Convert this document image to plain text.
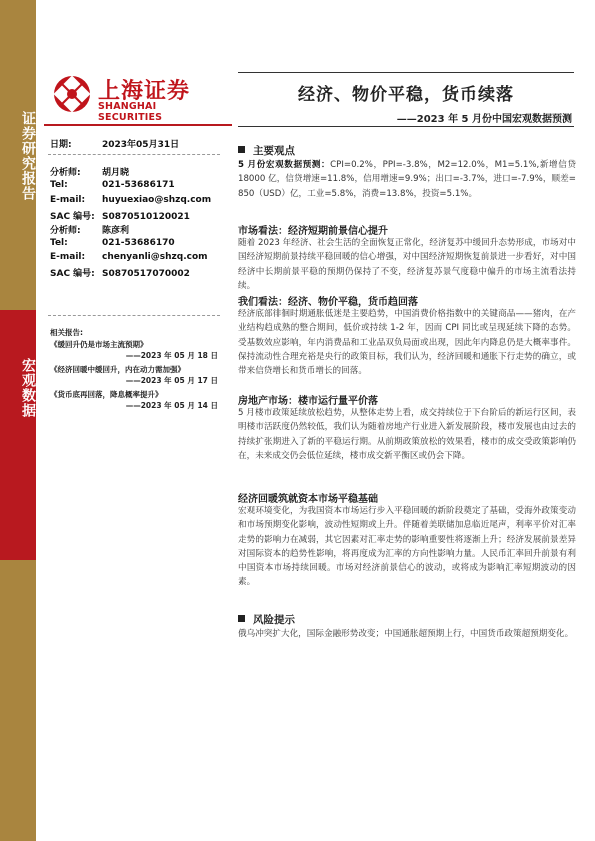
证券研究报告
宏观数据
上海证券
SHANGHAI SECURITIES
经济、物价平稳，货币续落
——2023 年 5 月份中国宏观数据预测
日期:	2023年05月31日
分析师: 胡月晓
Tel:	021-53686171
E-mail: huyuexiao@shzq.com
SAC 编号: S0870510120021
分析师: 陈彦利
Tel:	021-53686170
E-mail: chenyanli@shzq.com
SAC 编号: S0870517070002
相关报告:
《缓回升仍是市场主流预期》
——2023 年 05 月 18 日
《经济回暖中缓回升，内在动力需加强》
——2023 年 05 月 17 日
《货币底再回落，降息概率提升》
——2023 年 05 月 14 日
主要观点
5 月份宏观数据预测：CPI=0.2%，PPI=-3.8%，M2=12.0%，M1=5.1%,新增信贷 18000 亿，信贷增速=11.8%，信用增速=9.9%；出口=-3.7%，进口=-7.9%，顺差= 850（USD）亿，工业=5.8%，消费=13.8%，投资=5.1%。
市场看法：经济短期前景信心提升
随着 2023 年经济、社会生活的全面恢复正常化，经济复苏中缓回升态势形成，市场对中国经济短期前景持续平稳回暖的信心增强，对中国经济短期恢复前景进一步看好，对中国经济中长期前景平稳的预期仍保持了不变，经济复苏景气度稳中偏升的市场主流看法持续。
我们看法：经济、物价平稳，货币趋回落
经济底部徘徊时期通胀低迷是主要趋势，中国消费价格指数中的关键商品——猪肉，在产业结构趋成熟的整合期间，低价或持续 1-2 年，因而 CPI 同比或呈现延续下降的态势。受基数效应影响，年内消费品和工业品双负局面或出现，因此年内降息仍是大概率事件。保持流动性合理充裕是央行的政策目标，我们认为，经济回暖和通胀下行走势的确立，或带来信贷增长和货币增长的回落。
房地产市场：楼市运行量平价落
5 月楼市政策延续放松趋势，从整体走势上看，成交持续位于下台阶后的新运行区间，表明楼市活跃度仍然较低，我们认为随着房地产行业进入新发展阶段，楼市发展也由过去的持续扩张期进入了新的平稳运行期。从前期政策放松的效果看，楼市的成交受政策影响仍在，未来成交仍会低位延续，楼市成交新平衡区或仍会下降。
经济回暖筑就资本市场平稳基础
宏观环境变化，为我国资本市场运行步入平稳回暖的新阶段奠定了基础，受海外政策变动和市场预期变化影响，波动性短期或上升。伴随着美联储加息临近尾声，利率平价对汇率走势的影响力在减弱，其它因素对汇率走势的影响重要性将逐渐上升；经济发展前景差异对国际资本的趋势性影响，将再度成为汇率的方向性影响力量。人民币汇率回升前景有利中国资本市场持续回暖。市场对经济前景信心的波动，或将成为影响汇率短期波动的因素。
风险提示
俄乌冲突扩大化，国际金融形势改变；中国通胀超预期上行，中国货币政策超预期变化。
